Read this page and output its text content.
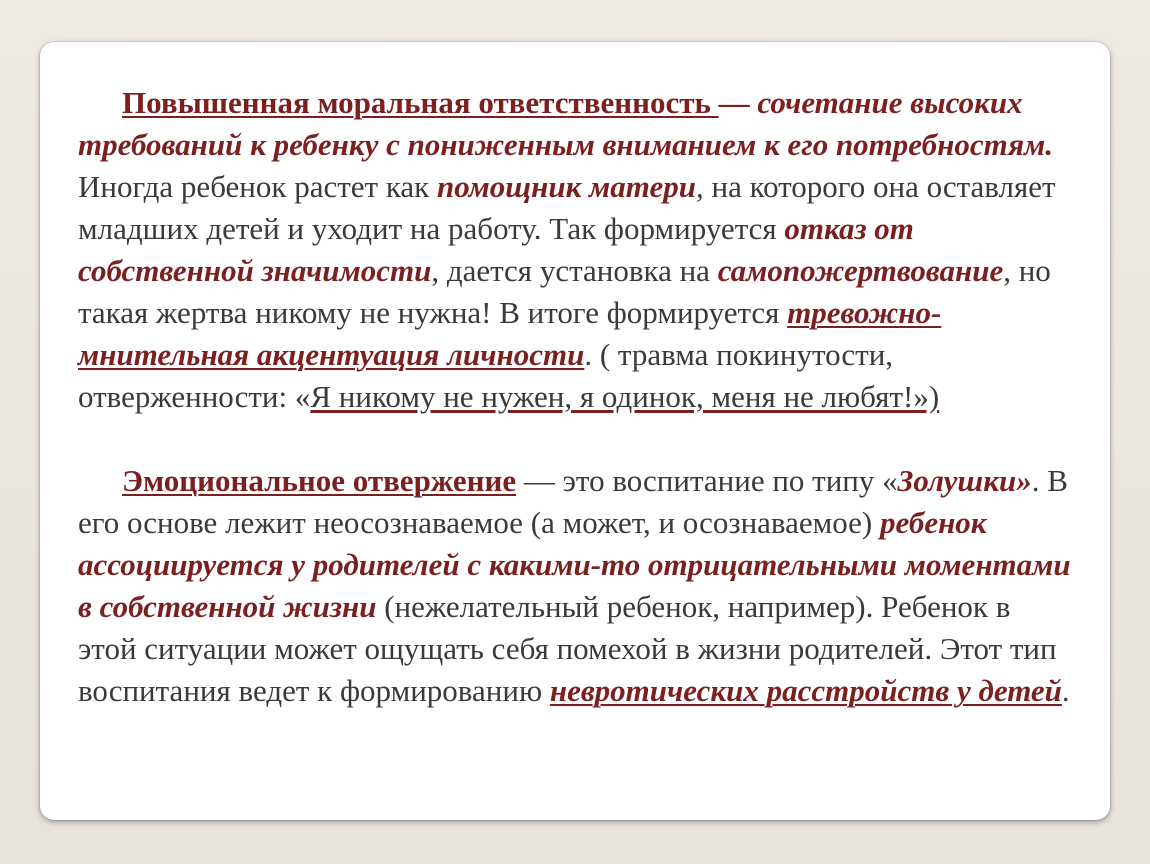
Повышенная моральная ответственность — сочетание высоких требований к ребенку с пониженным вниманием к его потребностям. Иногда ребенок растет как помощник матери, на которого она оставляет младших детей и уходит на работу. Так формируется отказ от собственной значимости, дается установка на самопожертвование, но такая жертва никому не нужна! В итоге формируется тревожно-мнительная акцентуация личности. ( травма покинутости, отверженности: «Я никому не нужен, я одинок, меня не любят!»)

Эмоциональное отвержение — это воспитание по типу «Золушки». В его основе лежит неосознаваемое (а может, и осознаваемое) ребенок ассоциируется у родителей с какими-то отрицательными моментами в собственной жизни (нежелательный ребенок, например). Ребенок в этой ситуации может ощущать себя помехой в жизни родителей. Этот тип воспитания ведет к формированию невротических расстройств у детей.
